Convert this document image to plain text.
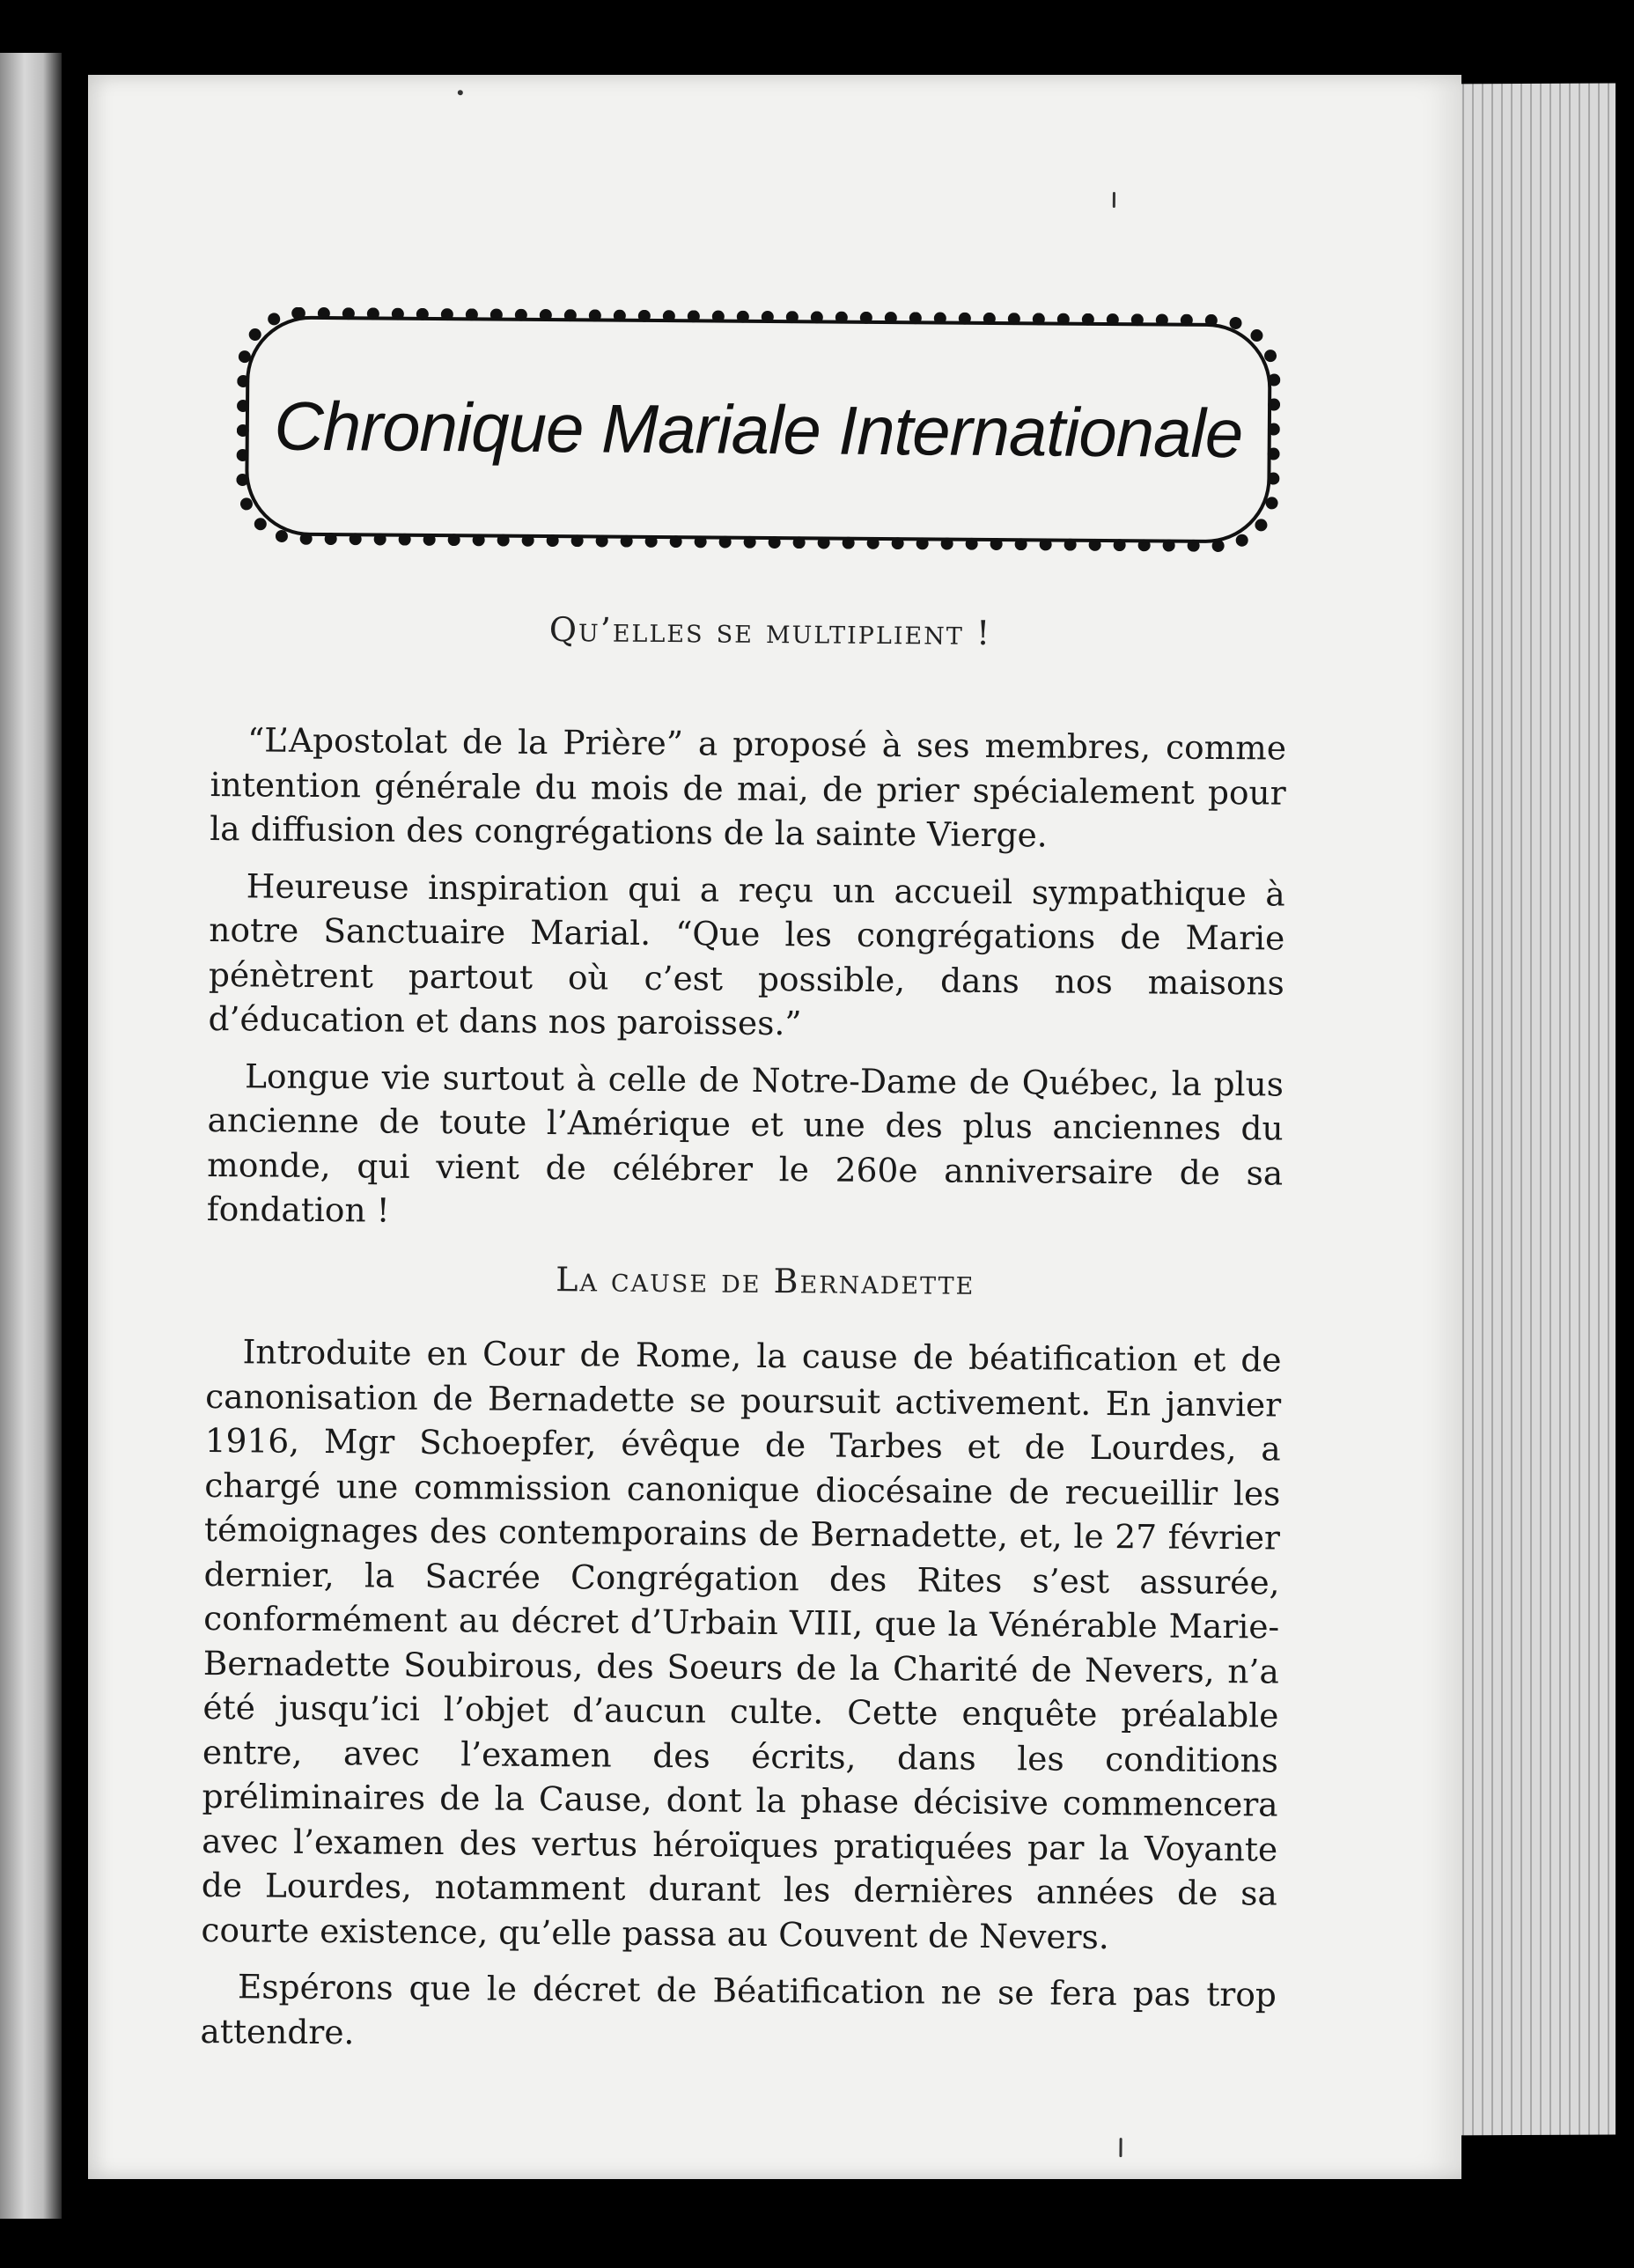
Chronique Mariale Internationale
Qu’elles se multiplient !

“L’Apostolat de la Prière” a proposé à ses membres, comme intention générale du mois de mai, de prier spécialement pour la diffusion des congrégations de la sainte Vierge.

Heureuse inspiration qui a reçu un accueil sympathique à notre Sanctuaire Marial. “Que les congrégations de Marie pénètrent partout où c’est possible, dans nos maisons d’éducation et dans nos paroisses.”

Longue vie surtout à celle de Notre-Dame de Québec, la plus ancienne de toute l’Amérique et une des plus anciennes du monde, qui vient de célébrer le 260e anniversaire de sa fondation !

La cause de Bernadette

Introduite en Cour de Rome, la cause de béatification et de canonisation de Bernadette se poursuit activement. En janvier 1916, Mgr Schoepfer, évêque de Tarbes et de Lourdes, a chargé une commission canonique diocésaine de recueillir les témoignages des contemporains de Bernadette, et, le 27 février dernier, la Sacrée Congrégation des Rites s’est assurée, conformément au décret d’Urbain VIII, que la Vénérable Marie-Bernadette Soubirous, des Soeurs de la Charité de Nevers, n’a été jusqu’ici l’objet d’aucun culte. Cette enquête préalable entre, avec l’examen des écrits, dans les conditions préliminaires de la Cause, dont la phase décisive commencera avec l’examen des vertus héroïques pratiquées par la Voyante de Lourdes, notamment durant les dernières années de sa courte existence, qu’elle passa au Couvent de Nevers.

Espérons que le décret de Béatification ne se fera pas trop attendre.
